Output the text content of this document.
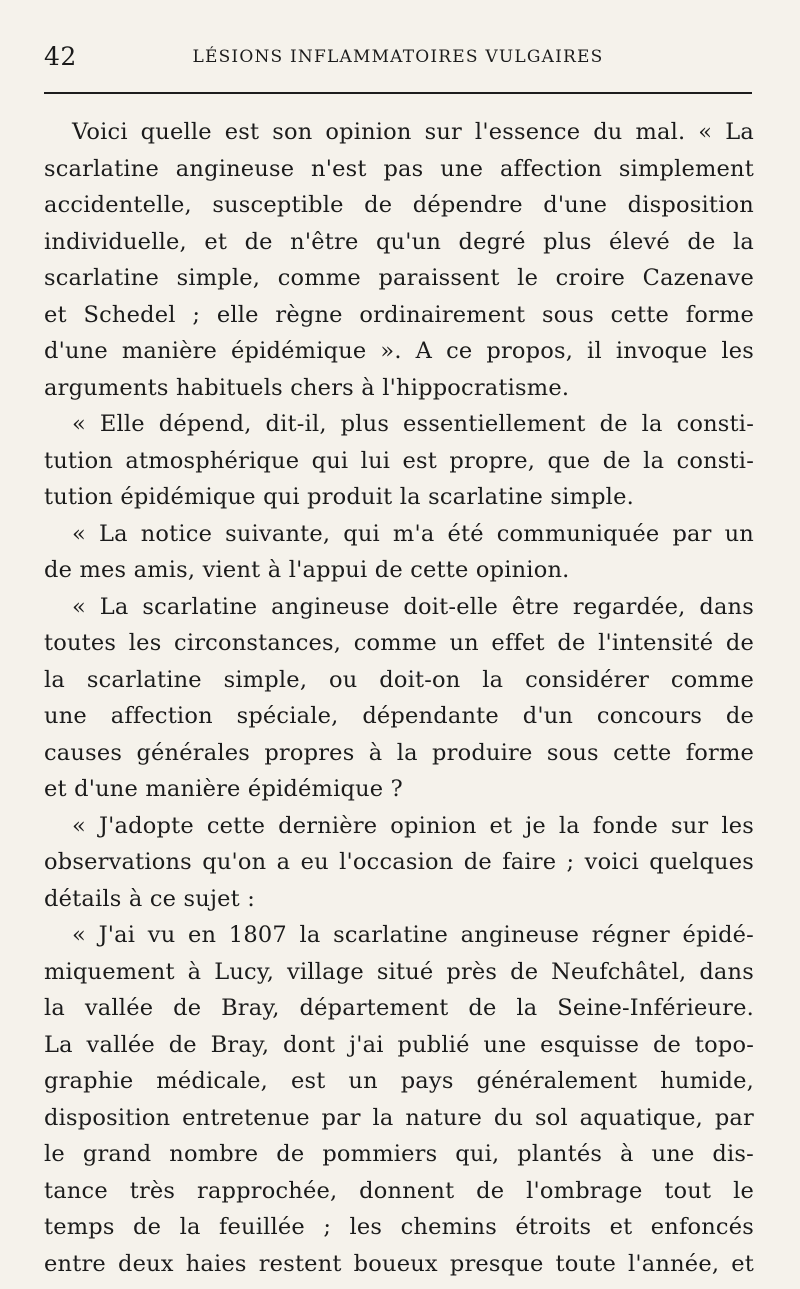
42	LÉSIONS INFLAMMATOIRES VULGAIRES
Voici quelle est son opinion sur l'essence du mal. « La
scarlatine angineuse n'est pas une affection simplement
accidentelle, susceptible de dépendre d'une disposition
individuelle, et de n'être qu'un degré plus élevé de la
scarlatine simple, comme paraissent le croire Cazenave
et Schedel ; elle règne ordinairement sous cette forme
d'une manière épidémique ». A ce propos, il invoque les
arguments habituels chers à l'hippocratisme.
« Elle dépend, dit-il, plus essentiellement de la consti-
tution atmosphérique qui lui est propre, que de la consti-
tution épidémique qui produit la scarlatine simple.
« La notice suivante, qui m'a été communiquée par un
de mes amis, vient à l'appui de cette opinion.
« La scarlatine angineuse doit-elle être regardée, dans
toutes les circonstances, comme un effet de l'intensité de
la scarlatine simple, ou doit-on la considérer comme
une affection spéciale, dépendante d'un concours de
causes générales propres à la produire sous cette forme
et d'une manière épidémique ?
« J'adopte cette dernière opinion et je la fonde sur les
observations qu'on a eu l'occasion de faire ; voici quelques
détails à ce sujet :
« J'ai vu en 1807 la scarlatine angineuse régner épidé-
miquement à Lucy, village situé près de Neufchâtel, dans
la vallée de Bray, département de la Seine-Inférieure.
La vallée de Bray, dont j'ai publié une esquisse de topo-
graphie médicale, est un pays généralement humide,
disposition entretenue par la nature du sol aquatique, par
le grand nombre de pommiers qui, plantés à une dis-
tance très rapprochée, donnent de l'ombrage tout le
temps de la feuillée ; les chemins étroits et enfoncés
entre deux haies restent boueux presque toute l'année, et
